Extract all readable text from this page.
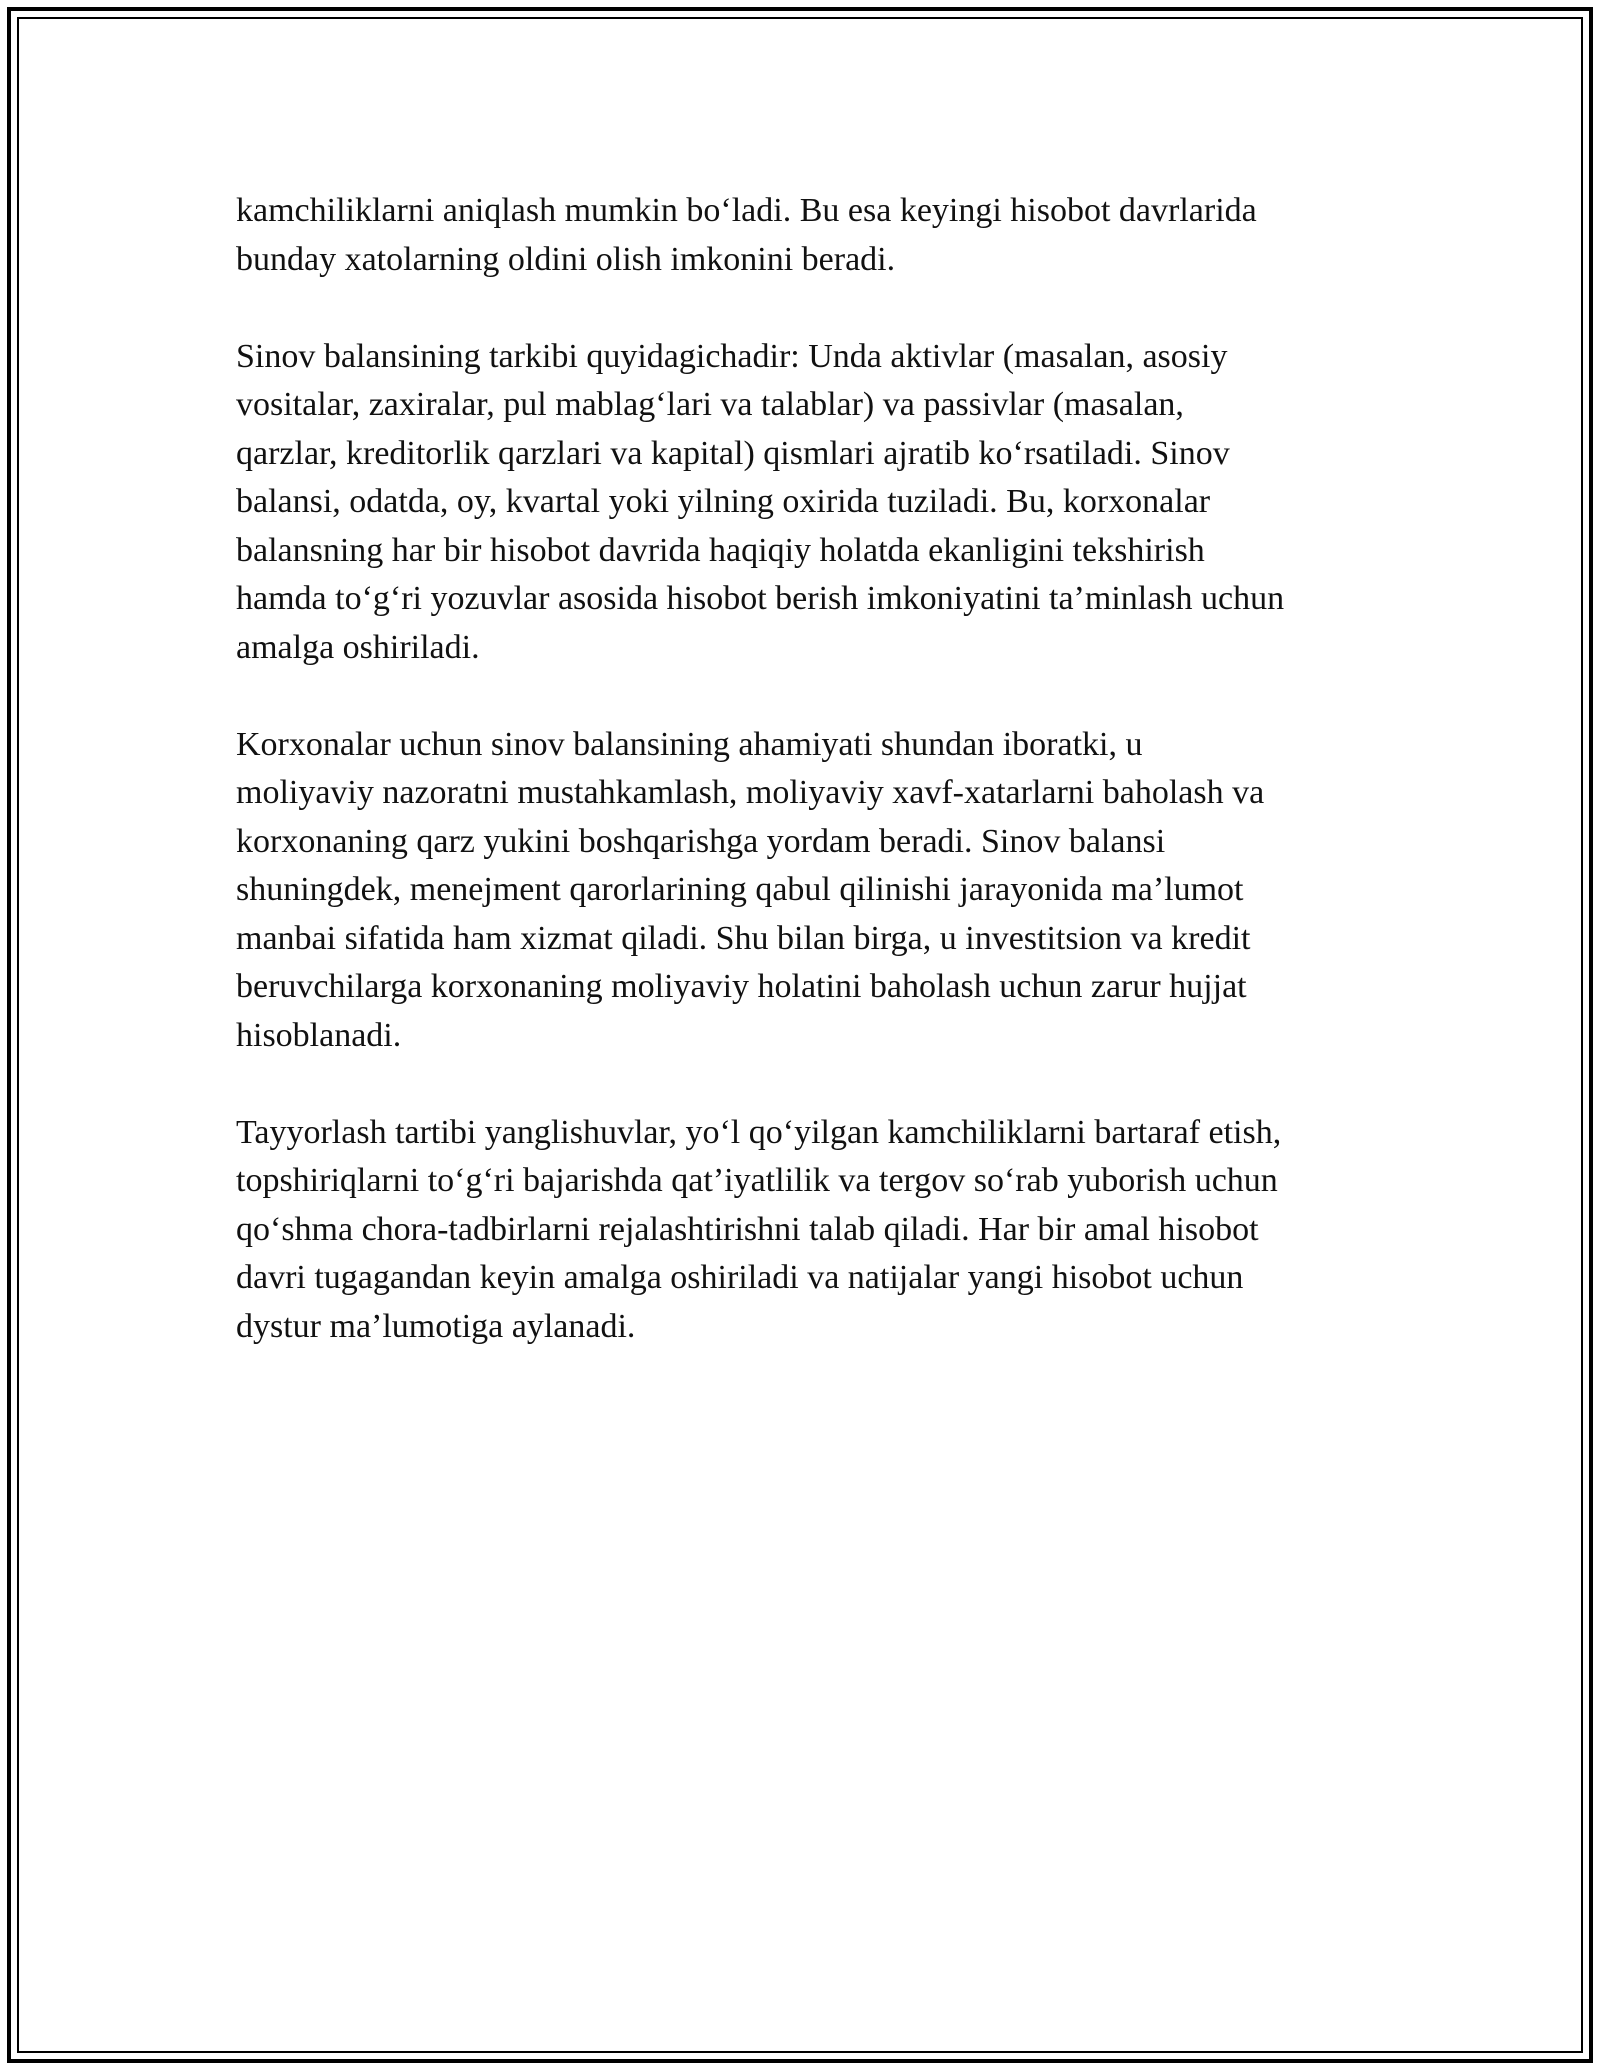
kamchiliklarni aniqlash mumkin bo‘ladi. Bu esa keyingi hisobot davrlarida
bunday xatolarning oldini olish imkonini beradi.

Sinov balansining tarkibi quyidagichadir: Unda aktivlar (masalan, asosiy
vositalar, zaxiralar, pul mablag‘lari va talablar) va passivlar (masalan,
qarzlar, kreditorlik qarzlari va kapital) qismlari ajratib ko‘rsatiladi. Sinov
balansi, odatda, oy, kvartal yoki yilning oxirida tuziladi. Bu, korxonalar
balansning har bir hisobot davrida haqiqiy holatda ekanligini tekshirish
hamda to‘g‘ri yozuvlar asosida hisobot berish imkoniyatini ta’minlash uchun
amalga oshiriladi.

Korxonalar uchun sinov balansining ahamiyati shundan iboratki, u
moliyaviy nazoratni mustahkamlash, moliyaviy xavf-xatarlarni baholash va
korxonaning qarz yukini boshqarishga yordam beradi. Sinov balansi
shuningdek, menejment qarorlarining qabul qilinishi jarayonida ma’lumot
manbai sifatida ham xizmat qiladi. Shu bilan birga, u investitsion va kredit
beruvchilarga korxonaning moliyaviy holatini baholash uchun zarur hujjat
hisoblanadi.

Tayyorlash tartibi yanglishuvlar, yo‘l qo‘yilgan kamchiliklarni bartaraf etish,
topshiriqlarni to‘g‘ri bajarishda qat’iyatlilik va tergov so‘rab yuborish uchun
qo‘shma chora-tadbirlarni rejalashtirishni talab qiladi. Har bir amal hisobot
davri tugagandan keyin amalga oshiriladi va natijalar yangi hisobot uchun
dystur ma’lumotiga aylanadi.
